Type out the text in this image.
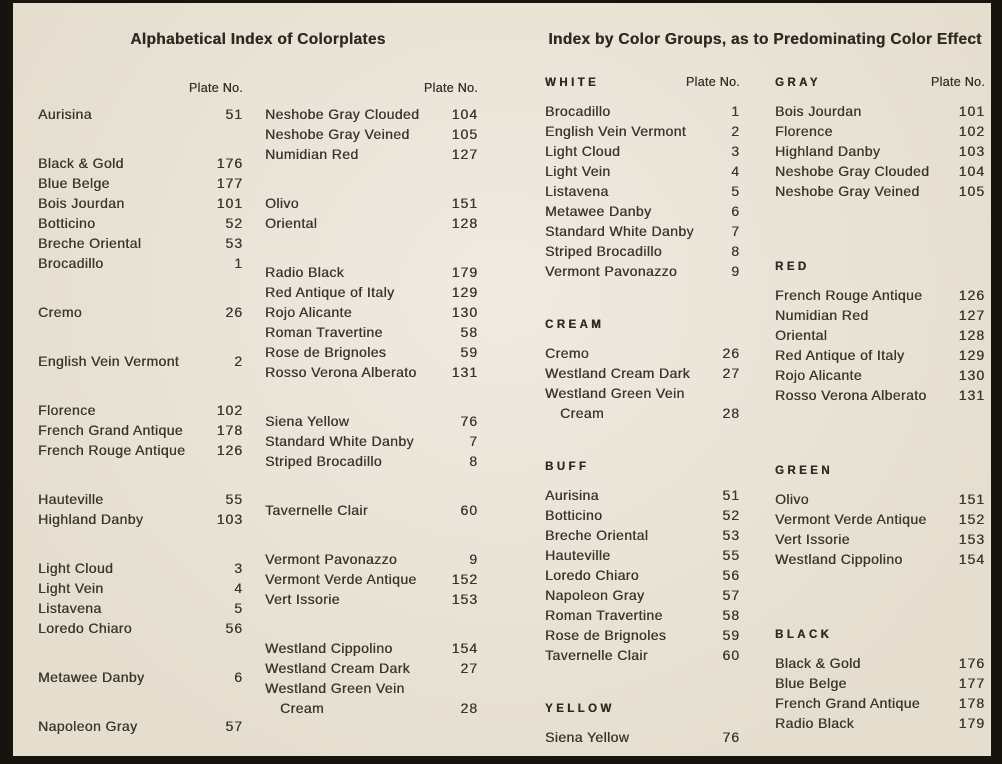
Alphabetical Index of Colorplates
Plate No.
Aurisina	51
Black & Gold	176
Blue Belge	177
Bois Jourdan	101
Botticino	52
Breche Oriental	53
Brocadillo	1
Cremo	26
English Vein Vermont	2
Florence	102
French Grand Antique 178
French Rouge Antique 126
Hauteville	55
Highland Danby	103
Light Cloud	3
Light Vein	4
Listavena	5
Loredo Chiaro	56
Metawee Danby	6
Napoleon Gray	57
Plate No.
Neshobe Gray Clouded 104
Neshobe Gray Veined	105
Numidian Red	127
Olivo	151
Oriental	128
Radio Black	179
Red Antique of Italy	129
Rojo Alicante	130
Roman Travertine	58
Rose de Brignoles	59
Rosso Verona Alberato	131
Siena Yellow	76
Standard White Danby	7
Striped Brocadillo	8
Tavernelle Clair	60
Vermont Pavonazzo	9
Vermont Verde Antique	152
Vert Issorie	153
Westland Cippolino	154
Westland Cream Dark	27
Westland Green Vein
Cream	28
Index by Color Groups, as to Predominating Color Effect
WHITE	Plate No.
Brocadillo	1
English Vein Vermont	2
Light Cloud	3
Light Vein	4
Listavena	5
Metawee Danby	6
Standard White Danby	7
Striped Brocadillo	8
Vermont Pavonazzo	9
CREAM
Cremo	26
Westland Cream Dark 27
Westland Green Vein
Cream	28
BUFF
Aurisina	51
Botticino	52
Breche Oriental	53
Hauteville	55
Loredo Chiaro	56
Napoleon Gray	57
Roman Travertine	58
Rose de Brignoles	59
Tavernelle Clair	60
YELLOW
Siena Yellow	76
GRAY	Plate No.
Bois Jourdan	101
Florence	102
Highland Danby	103
Neshobe Gray Clouded 104
Neshobe Gray Veined	105
RED
French Rouge Antique	126
Numidian Red	127
Oriental	128
Red Antique of Italy	129
Rojo Alicante	130
Rosso Verona Alberato 131
GREEN
Olivo	151
Vermont Verde Antique 152
Vert Issorie	153
Westland Cippolino	154
BLACK
Black & Gold	176
Blue Belge	177
French Grand Antique	178
Radio Black	179
